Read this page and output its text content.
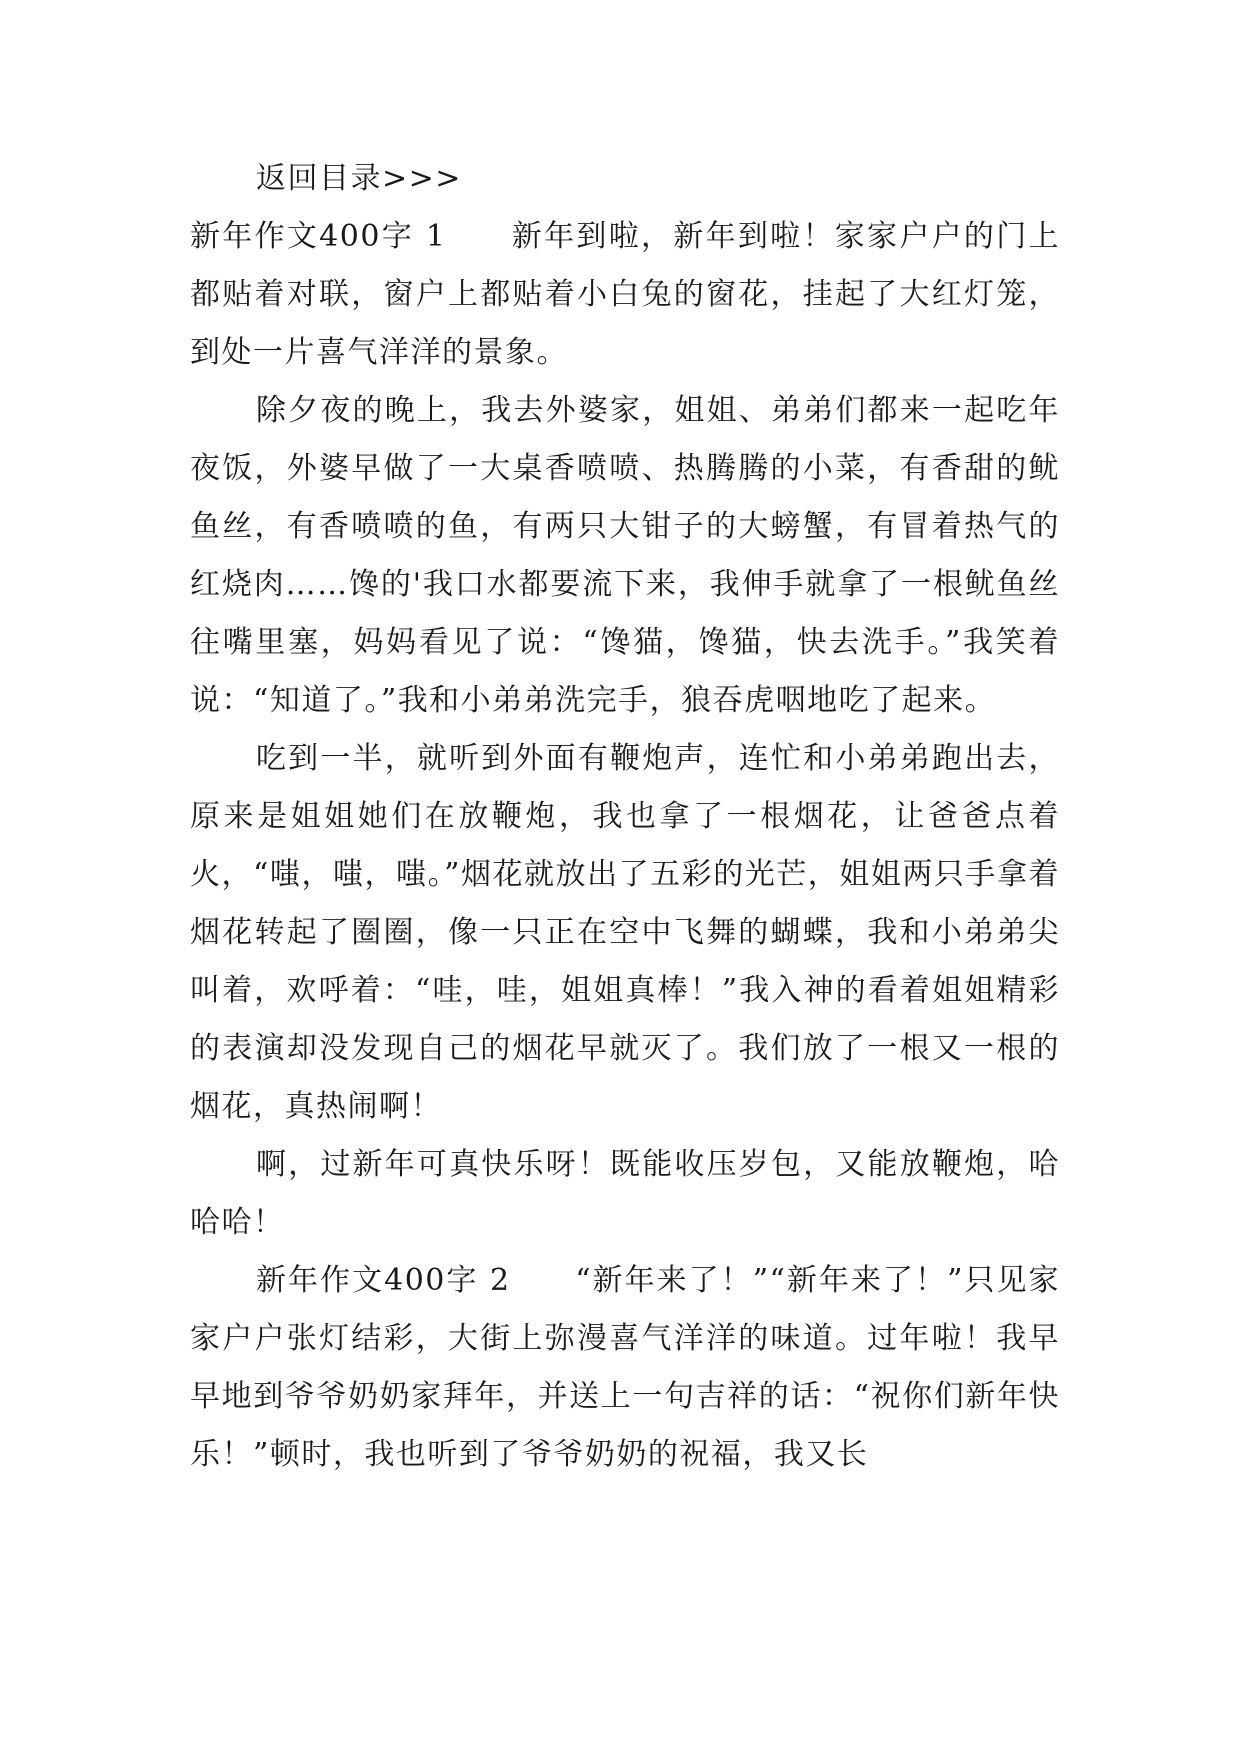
返回目录>>>

新年作文400字 1　　新年到啦，新年到啦！家家户户的门上都贴着对联，窗户上都贴着小白兔的窗花，挂起了大红灯笼，到处一片喜气洋洋的景象。

除夕夜的晚上，我去外婆家，姐姐、弟弟们都来一起吃年夜饭，外婆早做了一大桌香喷喷、热腾腾的小菜，有香甜的鱿鱼丝，有香喷喷的鱼，有两只大钳子的大螃蟹，有冒着热气的红烧肉……馋的'我口水都要流下来，我伸手就拿了一根鱿鱼丝往嘴里塞，妈妈看见了说：“馋猫，馋猫，快去洗手。”我笑着说：“知道了。”我和小弟弟洗完手，狼吞虎咽地吃了起来。

吃到一半，就听到外面有鞭炮声，连忙和小弟弟跑出去，原来是姐姐她们在放鞭炮，我也拿了一根烟花，让爸爸点着火，“嗤，嗤，嗤。”烟花就放出了五彩的光芒，姐姐两只手拿着烟花转起了圈圈，像一只正在空中飞舞的蝴蝶，我和小弟弟尖叫着，欢呼着：“哇，哇，姐姐真棒！”我入神的看着姐姐精彩的表演却没发现自己的烟花早就灭了。我们放了一根又一根的烟花，真热闹啊！

啊，过新年可真快乐呀！既能收压岁包，又能放鞭炮，哈哈哈！

新年作文400字 2　　“新年来了！”“新年来了！”只见家家户户张灯结彩，大街上弥漫喜气洋洋的味道。过年啦！我早早地到爷爷奶奶家拜年，并送上一句吉祥的话：“祝你们新年快乐！”顿时，我也听到了爷爷奶奶的祝福，我又长
